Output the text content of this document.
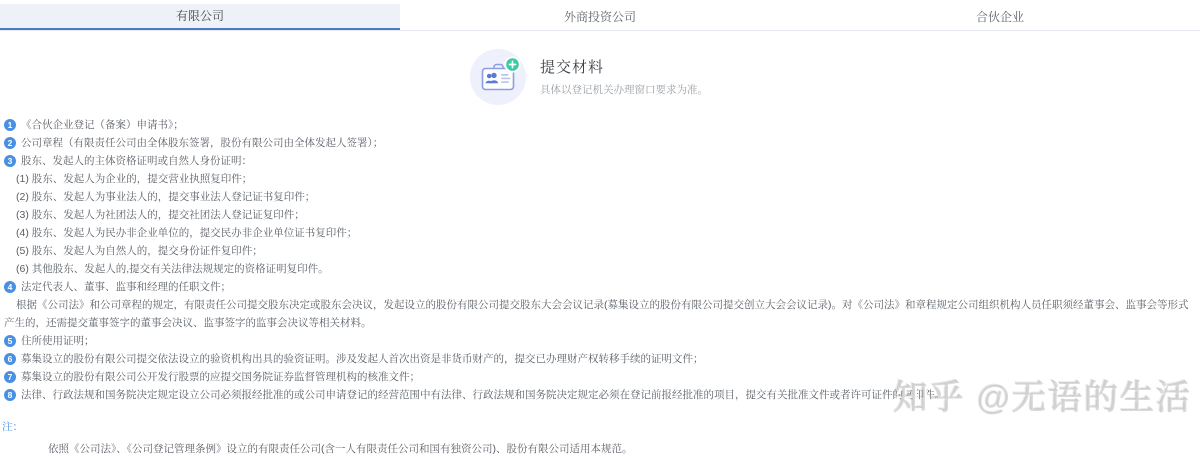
有限公司	外商投资公司	合伙企业
提交材料
具体以登记机关办理窗口要求为准。
1 《合伙企业登记（备案）申请书》；
2 公司章程（有限责任公司由全体股东签署，股份有限公司由全体发起人签署）；
3 股东、发起人的主体资格证明或自然人身份证明：
(1) 股东、发起人为企业的，提交营业执照复印件；
(2) 股东、发起人为事业法人的，提交事业法人登记证书复印件；
(3) 股东、发起人为社团法人的，提交社团法人登记证复印件；
(4) 股东、发起人为民办非企业单位的，提交民办非企业单位证书复印件；
(5) 股东、发起人为自然人的，提交身份证件复印件；
(6) 其他股东、发起人的,提交有关法律法规规定的资格证明复印件。
4 法定代表人、董事、监事和经理的任职文件；
根据《公司法》和公司章程的规定，有限责任公司提交股东决定或股东会决议，发起设立的股份有限公司提交股东大会会议记录(募集设立的股份有限公司提交创立大会会议记录)。对《公司法》和章程规定公司组织机构人员任职须经董事会、监事会等形式产生的，还需提交董事签字的董事会决议、监事签字的监事会决议等相关材料。
5 住所使用证明；
6 募集设立的股份有限公司提交依法设立的验资机构出具的验资证明。涉及发起人首次出资是非货币财产的，提交已办理财产权转移手续的证明文件；
7 募集设立的股份有限公司公开发行股票的应提交国务院证券监督管理机构的核准文件；
8 法律、行政法规和国务院决定规定设立公司必须报经批准的或公司申请登记的经营范围中有法律、行政法规和国务院决定规定必须在登记前报经批准的项目，提交有关批准文件或者许可证件的复印件。
注：
依照《公司法》、《公司登记管理条例》设立的有限责任公司(含一人有限责任公司和国有独资公司)、股份有限公司适用本规范。
知乎 @无语的生活
